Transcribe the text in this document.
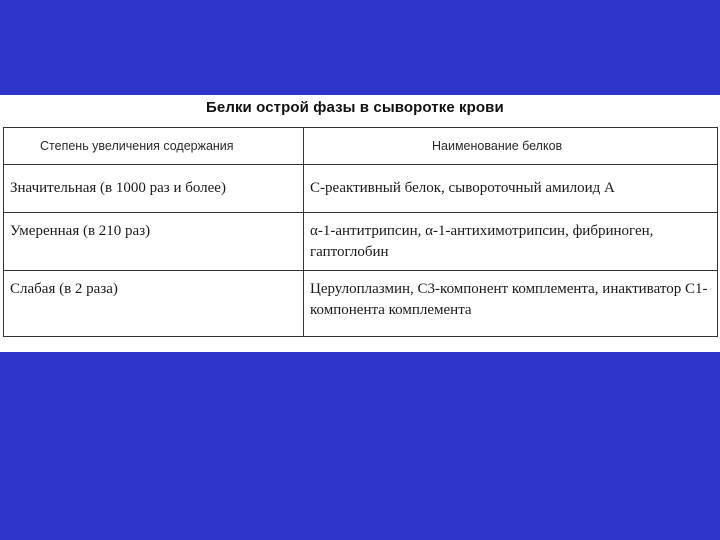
Белки острой фазы в сыворотке крови
Степень увеличения содержания	Наименование белков
Значительная (в 1000 раз и более)	С-реактивный белок, сывороточный амилоид А
Умеренная (в 210 раз)	α-1-антитрипсин, α-1-антихимотрипсин, фибриноген, гаптоглобин
Слабая (в 2 раза)	Церулоплазмин, С3-компонент комплемента, инактиватор С1-компонента комплемента
